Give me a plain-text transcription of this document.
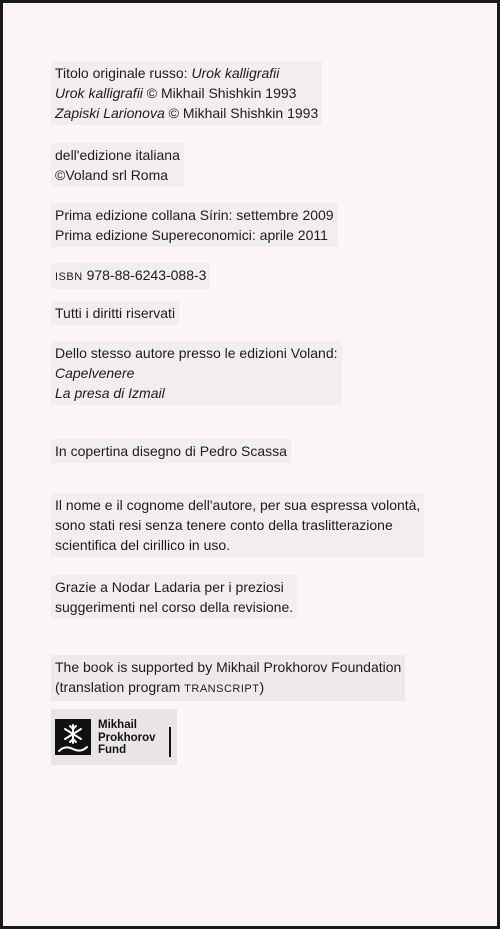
Titolo originale russo: Urok kalligrafii
Urok kalligrafii © Mikhail Shishkin 1993
Zapiski Larionova © Mikhail Shishkin 1993
dell'edizione italiana
©Voland srl Roma
Prima edizione collana Sírin: settembre 2009
Prima edizione Supereconomici: aprile 2011
ISBN 978-88-6243-088-3
Tutti i diritti riservati
Dello stesso autore presso le edizioni Voland:
Capelvenere
La presa di Izmail
In copertina disegno di Pedro Scassa
Il nome e il cognome dell'autore, per sua espressa volontà,
sono stati resi senza tenere conto della traslitterazione
scientifica del cirillico in uso.
Grazie a Nodar Ladaria per i preziosi
suggerimenti nel corso della revisione.
The book is supported by Mikhail Prokhorov Foundation
(translation program TRANSCRIPT)
Mikhail
Prokhorov
Fund
